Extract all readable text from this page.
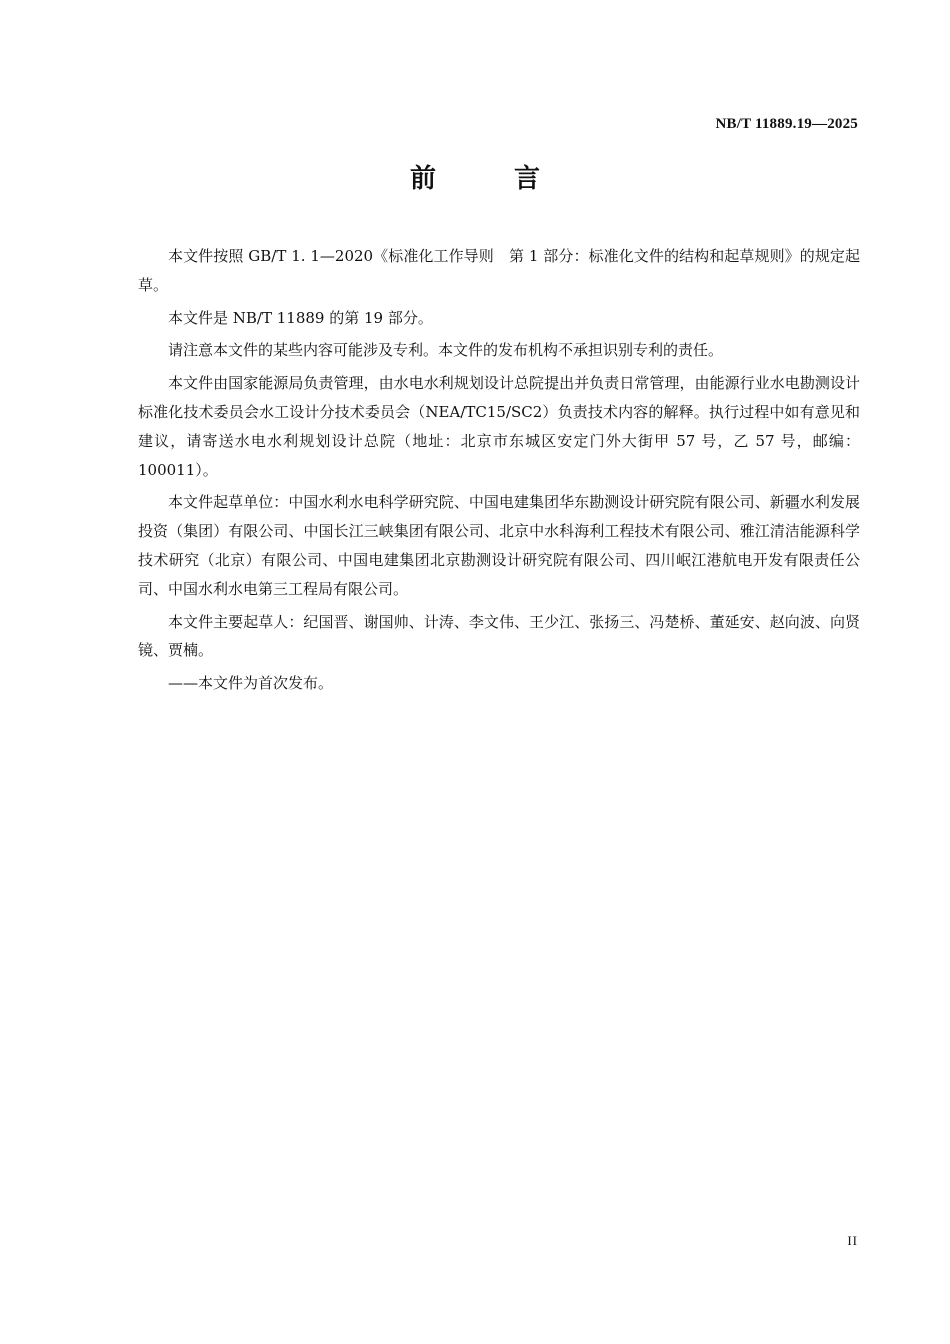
NB/T 11889.19—2025
前　言

本文件按照 GB/T 1. 1—2020《标准化工作导则　第 1 部分：标准化文件的结构和起草规则》的规定起草。

本文件是 NB/T 11889 的第 19 部分。

请注意本文件的某些内容可能涉及专利。本文件的发布机构不承担识别专利的责任。

本文件由国家能源局负责管理，由水电水利规划设计总院提出并负责日常管理，由能源行业水电勘测设计标准化技术委员会水工设计分技术委员会（NEA/TC15/SC2）负责技术内容的解释。执行过程中如有意见和建议，请寄送水电水利规划设计总院（地址：北京市东城区安定门外大街甲 57 号，乙 57 号，邮编：100011）。

本文件起草单位：中国水利水电科学研究院、中国电建集团华东勘测设计研究院有限公司、新疆水利发展投资（集团）有限公司、中国长江三峡集团有限公司、北京中水科海利工程技术有限公司、雅江清洁能源科学技术研究（北京）有限公司、中国电建集团北京勘测设计研究院有限公司、四川岷江港航电开发有限责任公司、中国水利水电第三工程局有限公司。

本文件主要起草人：纪国晋、谢国帅、计涛、李文伟、王少江、张扬三、冯楚桥、董延安、赵向波、向贤镜、贾楠。

——本文件为首次发布。

II
